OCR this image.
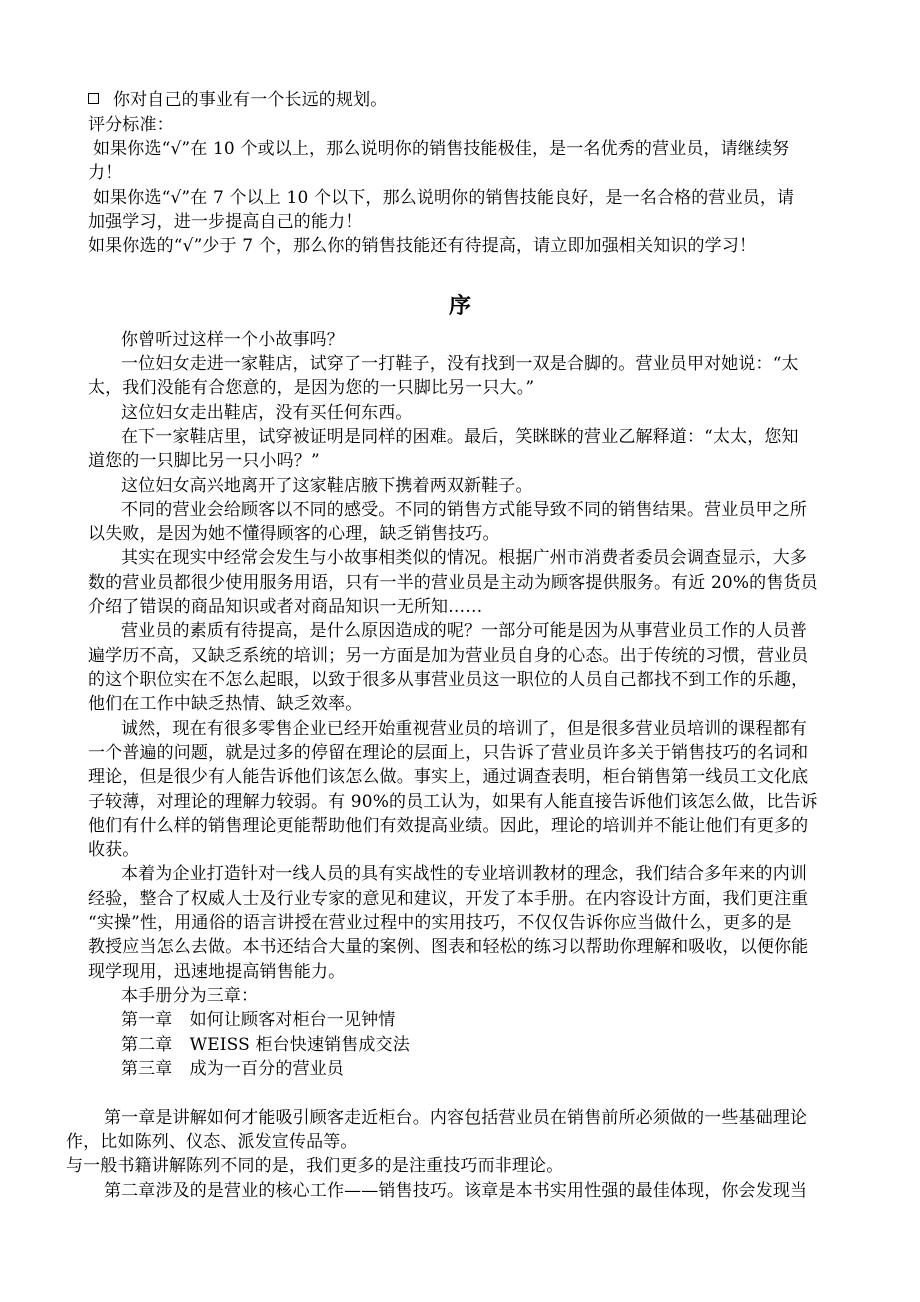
你对自己的事业有一个长远的规划。
评分标准：
如果你选“√”在 10 个或以上，那么说明你的销售技能极佳，是一名优秀的营业员，请继续努
力！
如果你选“√”在 7 个以上 10 个以下，那么说明你的销售技能良好，是一名合格的营业员，请
加强学习，进一步提高自己的能力！
如果你选的“√”少于 7 个，那么你的销售技能还有待提高，请立即加强相关知识的学习！
序
你曾听过这样一个小故事吗？
一位妇女走进一家鞋店，试穿了一打鞋子，没有找到一双是合脚的。营业员甲对她说：“太
太，我们没能有合您意的，是因为您的一只脚比另一只大。”
这位妇女走出鞋店，没有买任何东西。
在下一家鞋店里，试穿被证明是同样的困难。最后，笑眯眯的营业乙解释道：“太太，您知
道您的一只脚比另一只小吗？”
这位妇女高兴地离开了这家鞋店腋下携着两双新鞋子。
不同的营业会给顾客以不同的感受。不同的销售方式能导致不同的销售结果。营业员甲之所
以失败，是因为她不懂得顾客的心理，缺乏销售技巧。
其实在现实中经常会发生与小故事相类似的情况。根据广州市消费者委员会调查显示，大多
数的营业员都很少使用服务用语，只有一半的营业员是主动为顾客提供服务。有近 20%的售货员
介绍了错误的商品知识或者对商品知识一无所知……
营业员的素质有待提高，是什么原因造成的呢？一部分可能是因为从事营业员工作的人员普
遍学历不高，又缺乏系统的培训；另一方面是加为营业员自身的心态。出于传统的习惯，营业员
的这个职位实在不怎么起眼，以致于很多从事营业员这一职位的人员自己都找不到工作的乐趣，
他们在工作中缺乏热情、缺乏效率。
诚然，现在有很多零售企业已经开始重视营业员的培训了，但是很多营业员培训的课程都有
一个普遍的问题，就是过多的停留在理论的层面上，只告诉了营业员许多关于销售技巧的名词和
理论，但是很少有人能告诉他们该怎么做。事实上，通过调查表明，柜台销售第一线员工文化底
子较薄，对理论的理解力较弱。有 90%的员工认为，如果有人能直接告诉他们该怎么做，比告诉
他们有什么样的销售理论更能帮助他们有效提高业绩。因此，理论的培训并不能让他们有更多的
收获。
本着为企业打造针对一线人员的具有实战性的专业培训教材的理念，我们结合多年来的内训
经验，整合了权威人士及行业专家的意见和建议，开发了本手册。在内容设计方面，我们更注重
“实操”性，用通俗的语言讲授在营业过程中的实用技巧，不仅仅告诉你应当做什么，更多的是
教授应当怎么去做。本书还结合大量的案例、图表和轻松的练习以帮助你理解和吸收，以便你能
现学现用，迅速地提高销售能力。
本手册分为三章：
第一章　如何让顾客对柜台一见钟情
第二章　WEISS 柜台快速销售成交法
第三章　成为一百分的营业员
第一章是讲解如何才能吸引顾客走近柜台。内容包括营业员在销售前所必须做的一些基础理论
作，比如陈列、仪态、派发宣传品等。
与一般书籍讲解陈列不同的是，我们更多的是注重技巧而非理论。
第二章涉及的是营业的核心工作——销售技巧。该章是本书实用性强的最佳体现，你会发现当
